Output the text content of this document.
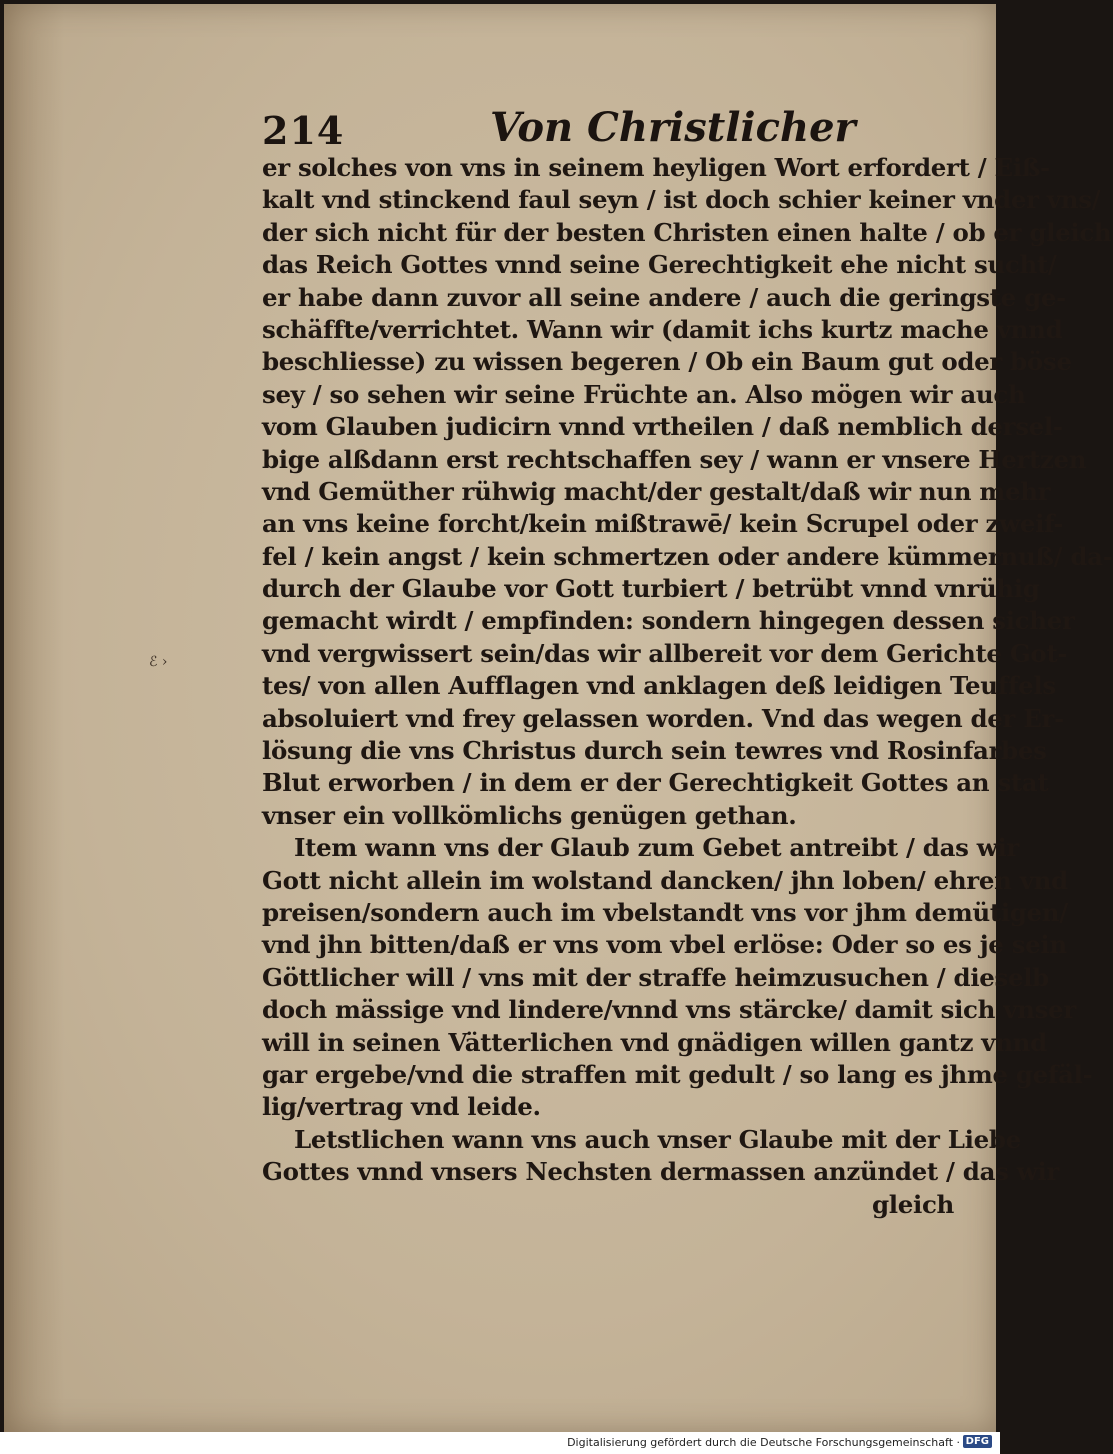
214	Von Christlicher
er solches von vns in seinem heyligen Wort erfordert / Eiß-
kalt vnd stinckend faul seyn / ist doch schier keiner vnder vns/
der sich nicht für der besten Christen einen halte / ob er gleich
das Reich Gottes vnnd seine Gerechtigkeit ehe nicht sucht/
er habe dann zuvor all seine andere / auch die geringste ge-
schäffte/verrichtet. Wann wir (damit ichs kurtz mache vnnd
beschliesse) zu wissen begeren / Ob ein Baum gut oder böse
sey / so sehen wir seine Früchte an. Also mögen wir auch
vom Glauben judicirn vnnd vrtheilen / daß nemblich dersel-
bige alßdann erst rechtschaffen sey / wann er vnsere Hertzen
vnd Gemüther rühwig macht/der gestalt/daß wir nun mehr
an vns keine forcht/kein mißtrawē/ kein Scrupel oder zweif-
fel / kein angst / kein schmertzen oder andere kümmernuß/ da-
durch der Glaube vor Gott turbiert / betrübt vnnd vnrühig
gemacht wirdt / empfinden: sondern hingegen dessen sicher
vnd vergwissert sein/das wir allbereit vor dem Gerichte Got-
tes/ von allen Aufflagen vnd anklagen deß leidigen Teuffels
absoluiert vnd frey gelassen worden. Vnd das wegen der Er-
lösung die vns Christus durch sein tewres vnd Rosinfarbes
Blut erworben / in dem er der Gerechtigkeit Gottes an stat
vnser ein vollkömlichs genügen gethan.
Item wann vns der Glaub zum Gebet antreibt / das wir
Gott nicht allein im wolstand dancken/ jhn loben/ ehren vnd
preisen/sondern auch im vbelstandt vns vor jhm demütigen/
vnd jhn bitten/daß er vns vom vbel erlöse: Oder so es je sein
Göttlicher will / vns mit der straffe heimzusuchen / dieselb
doch mässige vnd lindere/vnnd vns stärcke/ damit sich vnser
will in seinen Vätterlichen vnd gnädigen willen gantz vnnd
gar ergebe/vnd die straffen mit gedult / so lang es jhme gefäl-
lig/vertrag vnd leide.
Letstlichen wann vns auch vnser Glaube mit der Liebe
Gottes vnnd vnsers Nechsten dermassen anzündet / das wir
gleich
ℰ ›
Digitalisierung gefördert durch die Deutsche Forschungsgemeinschaft · DFG
